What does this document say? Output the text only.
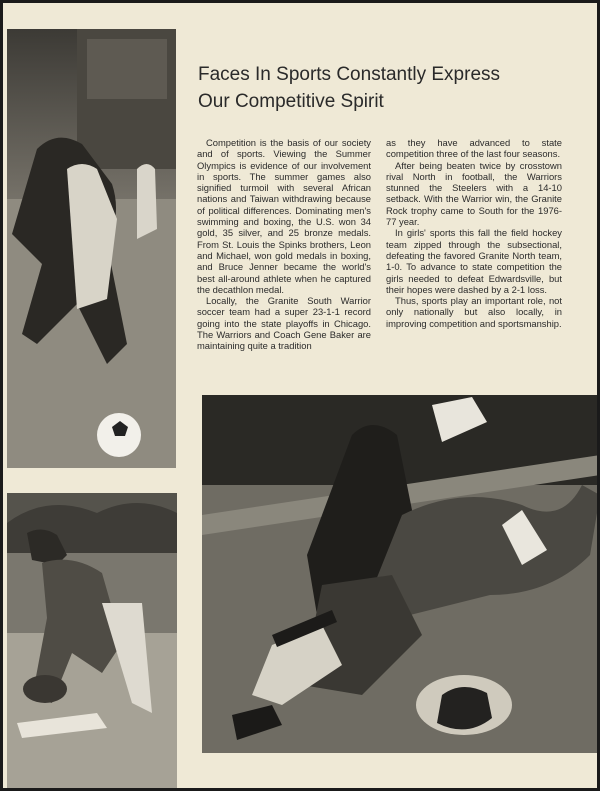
Faces In Sports Constantly Express
Our Competitive Spirit

Competition is the basis of our society and of sports. Viewing the Summer Olympics is evidence of our involvement in sports. The summer games also signified turmoil with several African nations and Taiwan withdrawing because of political differences. Dominating men's swimming and boxing, the U.S. won 34 gold, 35 silver, and 25 bronze medals. From St. Louis the Spinks brothers, Leon and Michael, won gold medals in boxing, and Bruce Jenner became the world's best all-around athlete when he captured the decathlon medal.

Locally, the Granite South Warrior soccer team had a super 23-1-1 record going into the state playoffs in Chicago. The Warriors and Coach Gene Baker are maintaining quite a tradition

as they have advanced to state competition three of the last four seasons.

After being beaten twice by crosstown rival North in football, the Warriors stunned the Steelers with a 14-10 setback. With the Warrior win, the Granite Rock trophy came to South for the 1976-77 year.

In girls' sports this fall the field hockey team zipped through the subsectional, defeating the favored Granite North team, 1-0. To advance to state competition the girls needed to defeat Edwardsville, but their hopes were dashed by a 2-1 loss.

Thus, sports play an important role, not only nationally but also locally, in improving competition and sportsmanship.
